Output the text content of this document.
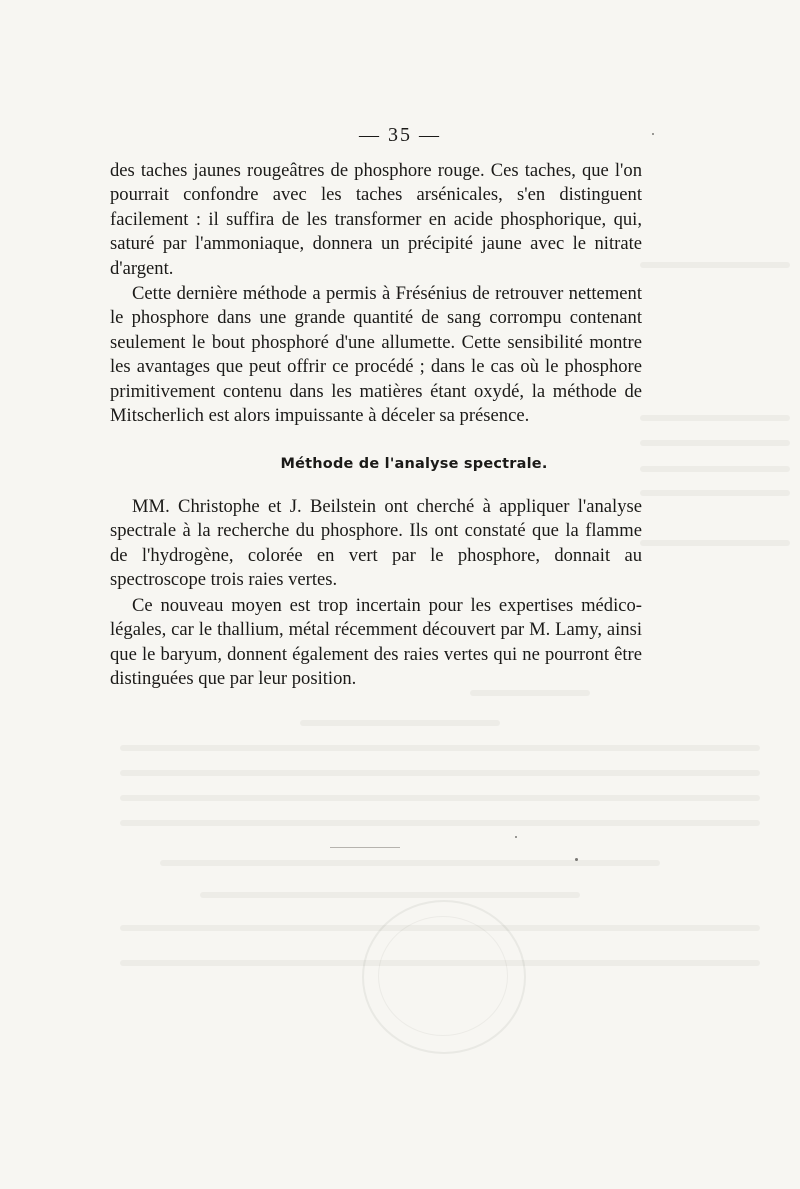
— 35 —

des taches jaunes rougeâtres de phosphore rouge. Ces taches, que l'on pourrait confondre avec les taches arsénicales, s'en distinguent facilement : il suffira de les transformer en acide phosphorique, qui, saturé par l'ammoniaque, donnera un précipité jaune avec le nitrate d'argent.

Cette dernière méthode a permis à Frésénius de retrouver nettement le phosphore dans une grande quantité de sang corrompu contenant seulement le bout phosphoré d'une allumette. Cette sensibilité montre les avantages que peut offrir ce procédé ; dans le cas où le phosphore primitivement contenu dans les matières étant oxydé, la méthode de Mitscherlich est alors impuissante à déceler sa présence.

Méthode de l'analyse spectrale.

MM. Christophe et J. Beilstein ont cherché à appliquer l'analyse spectrale à la recherche du phosphore. Ils ont constaté que la flamme de l'hydrogène, colorée en vert par le phosphore, donnait au spectroscope trois raies vertes.

Ce nouveau moyen est trop incertain pour les expertises médico-légales, car le thallium, métal récemment découvert par M. Lamy, ainsi que le baryum, donnent également des raies vertes qui ne pourront être distinguées que par leur position.
